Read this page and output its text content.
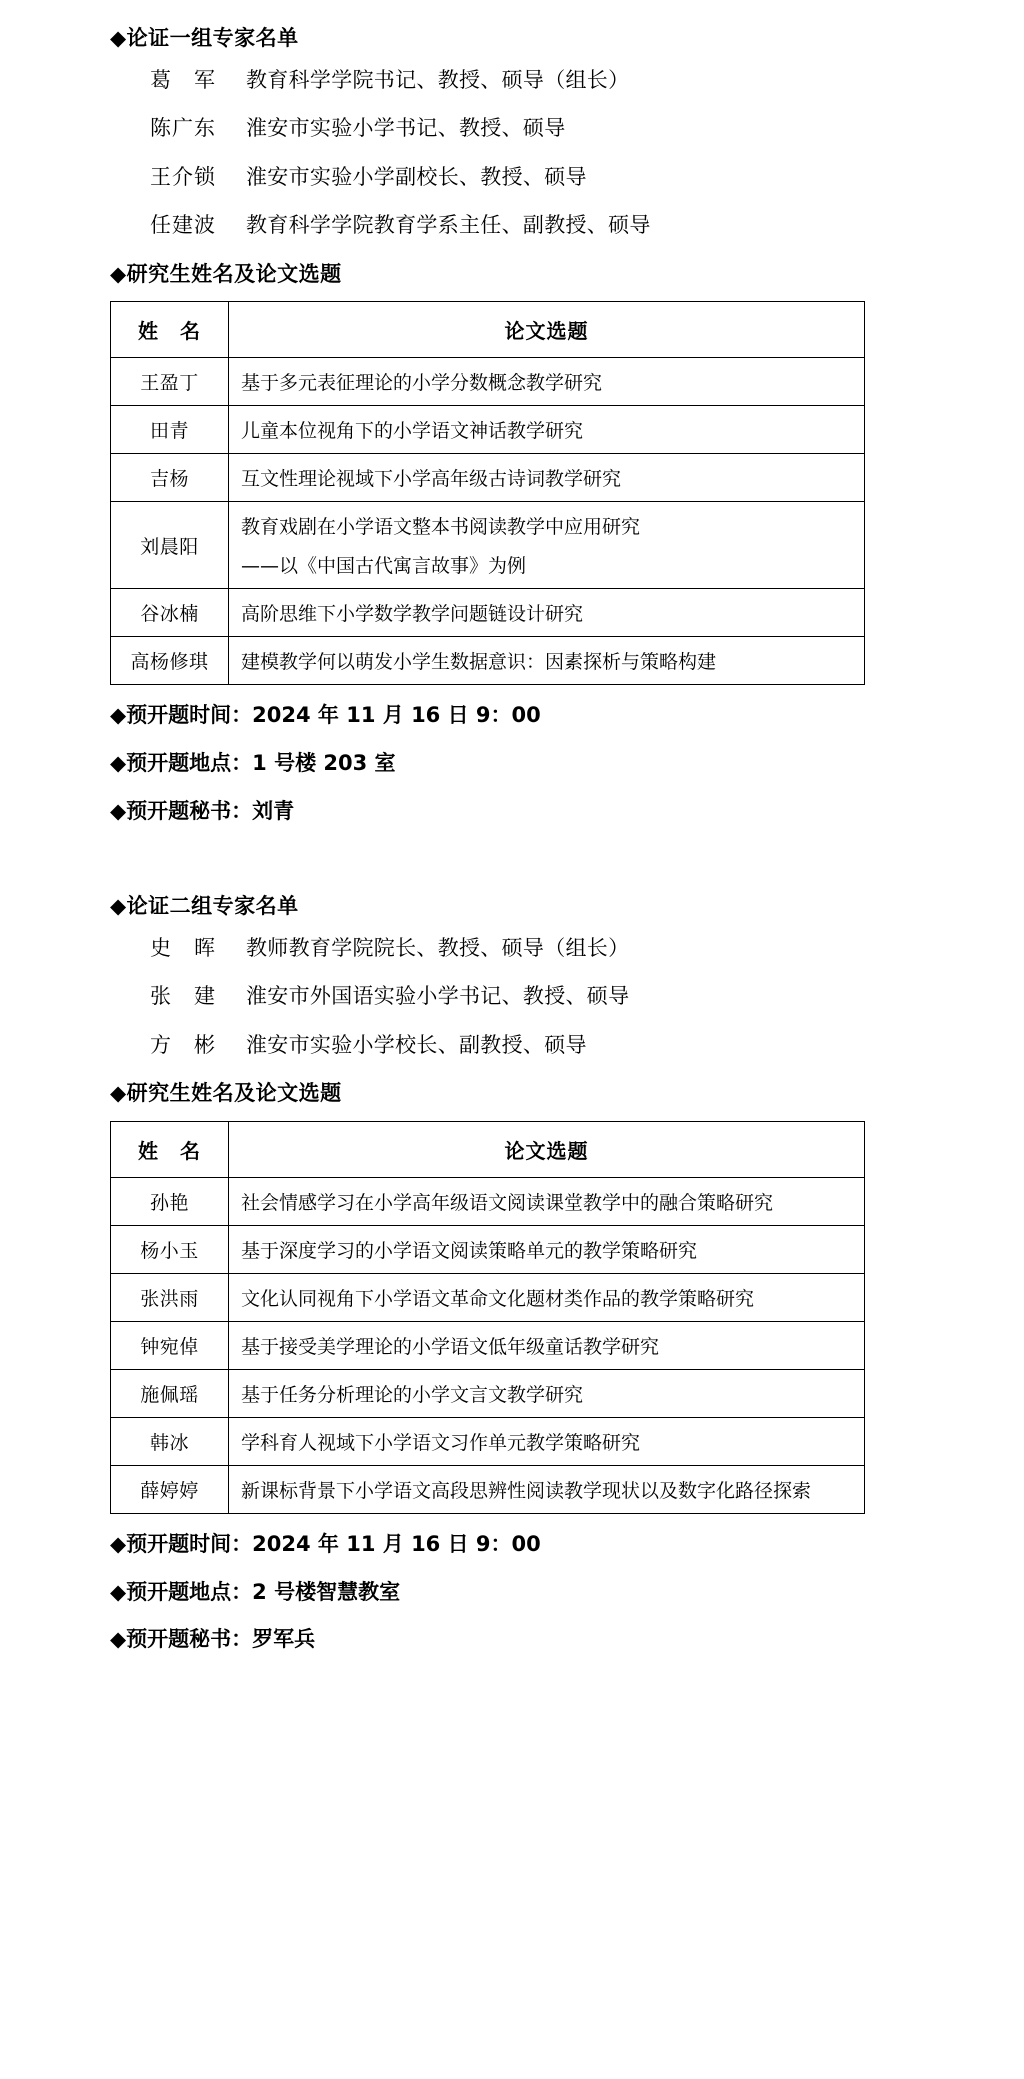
◆论证一组专家名单
葛　军 教育科学学院书记、教授、硕导（组长）
陈广东 淮安市实验小学书记、教授、硕导
王介锁 淮安市实验小学副校长、教授、硕导
任建波 教育科学学院教育学系主任、副教授、硕导
◆研究生姓名及论文选题
姓　名	论文选题
王盈丁	基于多元表征理论的小学分数概念教学研究
田青	儿童本位视角下的小学语文神话教学研究
吉杨	互文性理论视域下小学高年级古诗词教学研究
刘晨阳	教育戏剧在小学语文整本书阅读教学中应用研究
——以《中国古代寓言故事》为例

谷冰楠	高阶思维下小学数学教学问题链设计研究
高杨修琪	建模教学何以萌发小学生数据意识：因素探析与策略构建
◆预开题时间：2024 年 11 月 16 日 9：00
◆预开题地点：1 号楼 203 室
◆预开题秘书：刘青
◆论证二组专家名单
史　晖 教师教育学院院长、教授、硕导（组长）
张　建 淮安市外国语实验小学书记、教授、硕导
方　彬 淮安市实验小学校长、副教授、硕导
◆研究生姓名及论文选题
姓　名	论文选题
孙艳	社会情感学习在小学高年级语文阅读课堂教学中的融合策略研究
杨小玉	基于深度学习的小学语文阅读策略单元的教学策略研究
张洪雨	文化认同视角下小学语文革命文化题材类作品的教学策略研究
钟宛倬	基于接受美学理论的小学语文低年级童话教学研究
施佩瑶	基于任务分析理论的小学文言文教学研究
韩冰	学科育人视域下小学语文习作单元教学策略研究
薛婷婷	新课标背景下小学语文高段思辨性阅读教学现状以及数字化路径探索
◆预开题时间：2024 年 11 月 16 日 9：00
◆预开题地点：2 号楼智慧教室
◆预开题秘书：罗军兵
